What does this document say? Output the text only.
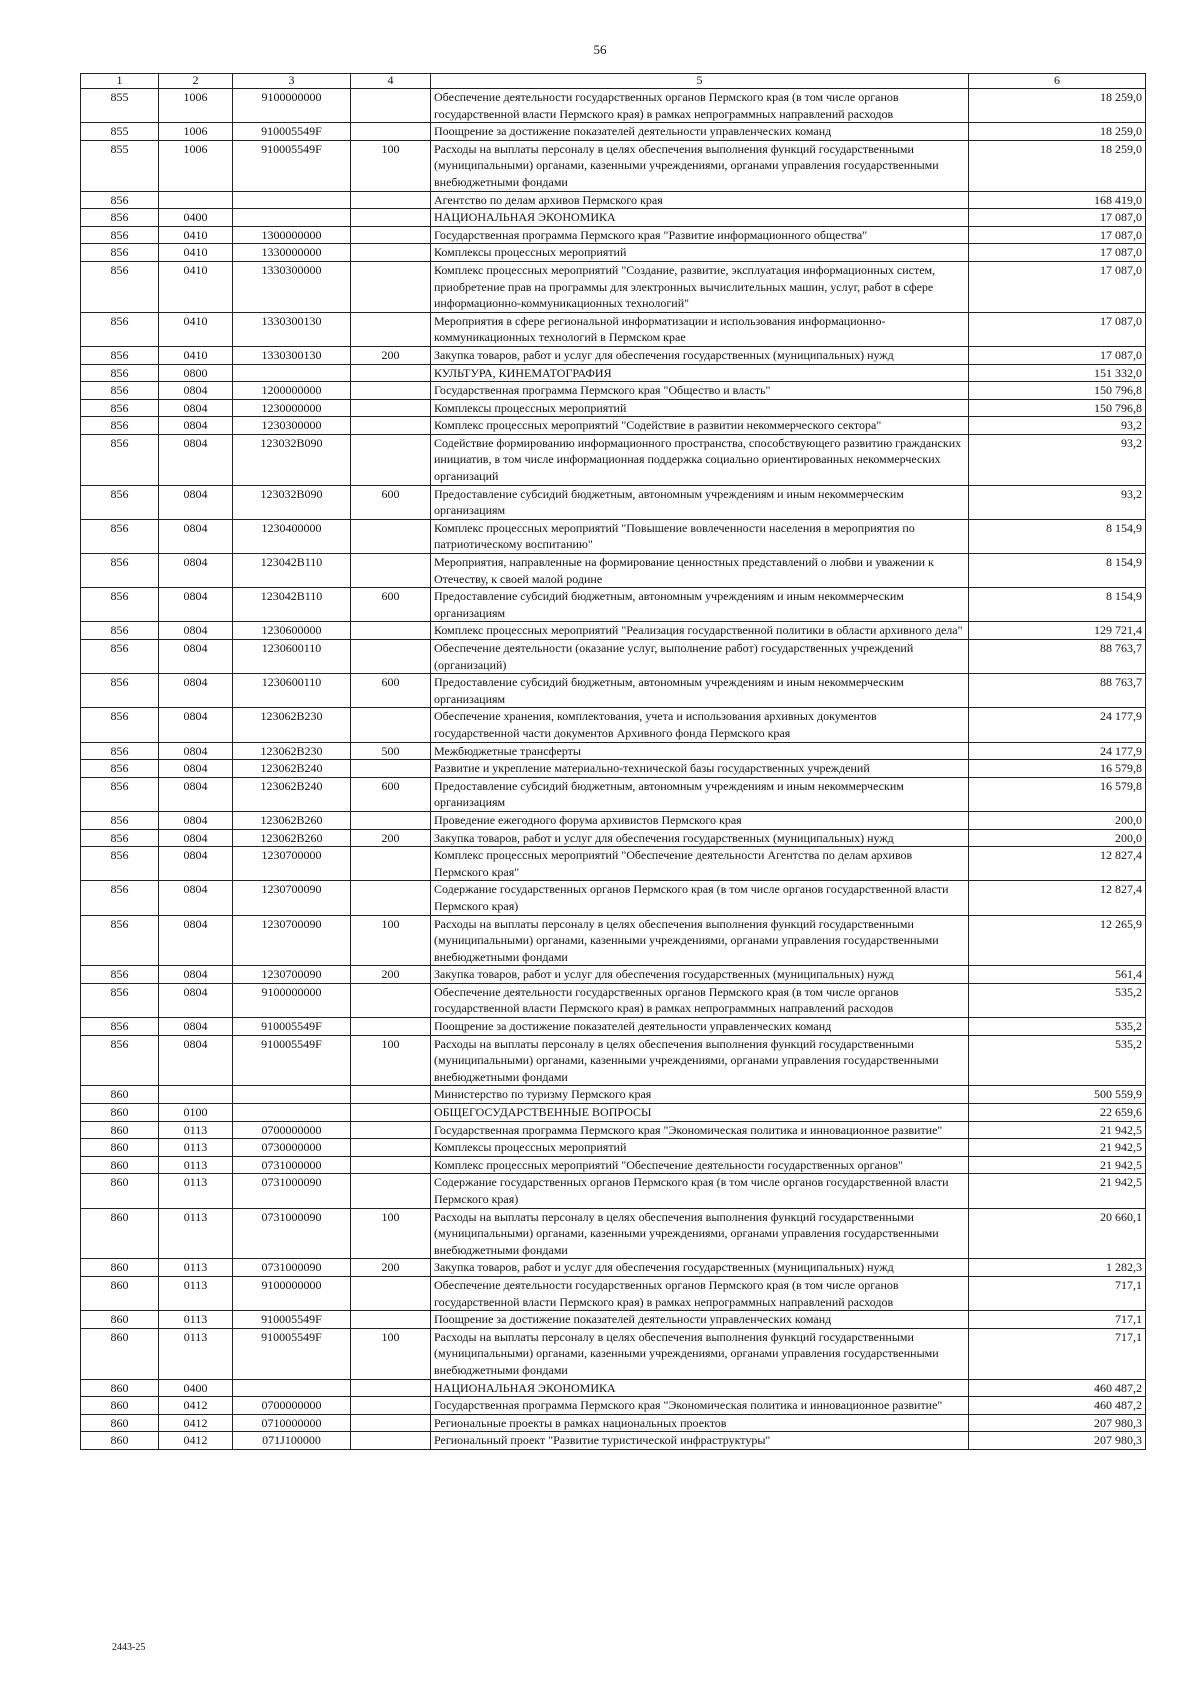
56
1	2	3	4	5	6
855	1006	9100000000		Обеспечение деятельности государственных органов Пермского края (в том числе органов государственной власти Пермского края) в рамках непрограммных направлений расходов	18 259,0
855	1006	910005549F		Поощрение за достижение показателей деятельности управленческих команд	18 259,0
855	1006	910005549F	100	Расходы на выплаты персоналу в целях обеспечения выполнения функций государственными (муниципальными) органами, казенными учреждениями, органами управления государственными внебюджетными фондами	18 259,0
856				Агентство по делам архивов Пермского края	168 419,0
856	0400			НАЦИОНАЛЬНАЯ ЭКОНОМИКА	17 087,0
856	0410	1300000000		Государственная программа Пермского края "Развитие информационного общества"	17 087,0
856	0410	1330000000		Комплексы процессных мероприятий	17 087,0
856	0410	1330300000		Комплекс процессных мероприятий "Создание, развитие, эксплуатация информационных систем, приобретение прав на программы для электронных вычислительных машин, услуг, работ в сфере информационно-коммуникационных технологий"	17 087,0
856	0410	1330300130		Мероприятия в сфере региональной информатизации и использования информационно-коммуникационных технологий в Пермском крае	17 087,0
856	0410	1330300130	200	Закупка товаров, работ и услуг для обеспечения государственных (муниципальных) нужд	17 087,0
856	0800			КУЛЬТУРА, КИНЕМАТОГРАФИЯ	151 332,0
856	0804	1200000000		Государственная программа Пермского края "Общество и власть"	150 796,8
856	0804	1230000000		Комплексы процессных мероприятий	150 796,8
856	0804	1230300000		Комплекс процессных мероприятий "Содействие в развитии некоммерческого сектора"	93,2
856	0804	123032В090		Содействие формированию информационного пространства, способствующего развитию гражданских инициатив, в том числе информационная поддержка социально ориентированных некоммерческих организаций	93,2
856	0804	123032В090	600	Предоставление субсидий бюджетным, автономным учреждениям и иным некоммерческим организациям	93,2
856	0804	1230400000		Комплекс процессных мероприятий "Повышение вовлеченности населения в мероприятия по патриотическому воспитанию"	8 154,9
856	0804	123042В110		Мероприятия, направленные на формирование ценностных представлений о любви и уважении к Отечеству, к своей малой родине	8 154,9
856	0804	123042В110	600	Предоставление субсидий бюджетным, автономным учреждениям и иным некоммерческим организациям	8 154,9
856	0804	1230600000		Комплекс процессных мероприятий "Реализация государственной политики в области архивного дела"	129 721,4
856	0804	1230600110		Обеспечение деятельности (оказание услуг, выполнение работ) государственных учреждений (организаций)	88 763,7
856	0804	1230600110	600	Предоставление субсидий бюджетным, автономным учреждениям и иным некоммерческим организациям	88 763,7
856	0804	123062В230		Обеспечение хранения, комплектования, учета и использования архивных документов государственной части документов Архивного фонда Пермского края	24 177,9
856	0804	123062В230	500	Межбюджетные трансферты	24 177,9
856	0804	123062В240		Развитие и укрепление материально-технической базы государственных учреждений	16 579,8
856	0804	123062В240	600	Предоставление субсидий бюджетным, автономным учреждениям и иным некоммерческим организациям	16 579,8
856	0804	123062В260		Проведение ежегодного форума архивистов Пермского края	200,0
856	0804	123062В260	200	Закупка товаров, работ и услуг для обеспечения государственных (муниципальных) нужд	200,0
856	0804	1230700000		Комплекс процессных мероприятий "Обеспечение деятельности Агентства по делам архивов Пермского края"	12 827,4
856	0804	1230700090		Содержание государственных органов Пермского края (в том числе органов государственной власти Пермского края)	12 827,4
856	0804	1230700090	100	Расходы на выплаты персоналу в целях обеспечения выполнения функций государственными (муниципальными) органами, казенными учреждениями, органами управления государственными внебюджетными фондами	12 265,9
856	0804	1230700090	200	Закупка товаров, работ и услуг для обеспечения государственных (муниципальных) нужд	561,4
856	0804	9100000000		Обеспечение деятельности государственных органов Пермского края (в том числе органов государственной власти Пермского края) в рамках непрограммных направлений расходов	535,2
856	0804	910005549F		Поощрение за достижение показателей деятельности управленческих команд	535,2
856	0804	910005549F	100	Расходы на выплаты персоналу в целях обеспечения выполнения функций государственными (муниципальными) органами, казенными учреждениями, органами управления государственными внебюджетными фондами	535,2
860				Министерство по туризму Пермского края	500 559,9
860	0100			ОБЩЕГОСУДАРСТВЕННЫЕ ВОПРОСЫ	22 659,6
860	0113	0700000000		Государственная программа Пермского края "Экономическая политика и инновационное развитие"	21 942,5
860	0113	0730000000		Комплексы процессных мероприятий	21 942,5
860	0113	0731000000		Комплекс процессных мероприятий "Обеспечение деятельности государственных органов"	21 942,5
860	0113	0731000090		Содержание государственных органов Пермского края (в том числе органов государственной власти Пермского края)	21 942,5
860	0113	0731000090	100	Расходы на выплаты персоналу в целях обеспечения выполнения функций государственными (муниципальными) органами, казенными учреждениями, органами управления государственными внебюджетными фондами	20 660,1
860	0113	0731000090	200	Закупка товаров, работ и услуг для обеспечения государственных (муниципальных) нужд	1 282,3
860	0113	9100000000		Обеспечение деятельности государственных органов Пермского края (в том числе органов государственной власти Пермского края) в рамках непрограммных направлений расходов	717,1
860	0113	910005549F		Поощрение за достижение показателей деятельности управленческих команд	717,1
860	0113	910005549F	100	Расходы на выплаты персоналу в целях обеспечения выполнения функций государственными (муниципальными) органами, казенными учреждениями, органами управления государственными внебюджетными фондами	717,1
860	0400			НАЦИОНАЛЬНАЯ ЭКОНОМИКА	460 487,2
860	0412	0700000000		Государственная программа Пермского края "Экономическая политика и инновационное развитие"	460 487,2
860	0412	0710000000		Региональные проекты в рамках национальных проектов	207 980,3
860	0412	071J100000		Региональный проект "Развитие туристической инфраструктуры"	207 980,3
2443-25
